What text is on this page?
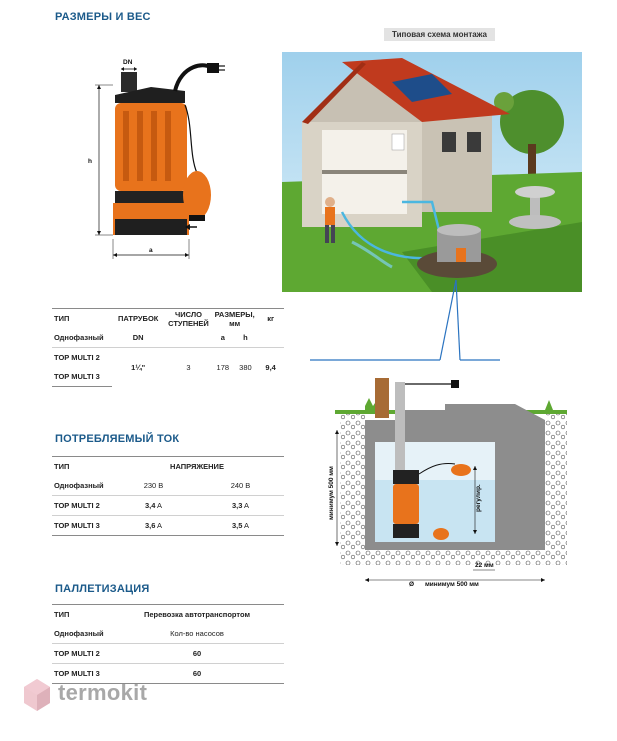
РАЗМЕРЫ И ВЕС
DN
h
a
Типовая схема монтажа
ТИП	ПАТРУБОК	ЧИСЛО СТУПЕНЕЙ	РАЗМЕРЫ, мм		кг
Однофазный	DN		a	h	
TOP MULTI 2	1¼"	3	178	380	9,4
TOP MULTI 3					
ПОТРЕБЛЯЕМЫЙ ТОК
ТИП	НАПРЯЖЕНИЕ	
Однофазный	230 В	240 В
TOP MULTI 2	3,4 A	3,3 A
TOP MULTI 3	3,6 A	3,5 A
ПАЛЛЕТИЗАЦИЯ
ТИП	Перевозка автотранспортом
Однофазный	Кол-во насосов
TOP MULTI 2	60
TOP MULTI 3	60
регулир.
минимум 500 мм
22 мм
Ø минимум 500 мм
termokit
